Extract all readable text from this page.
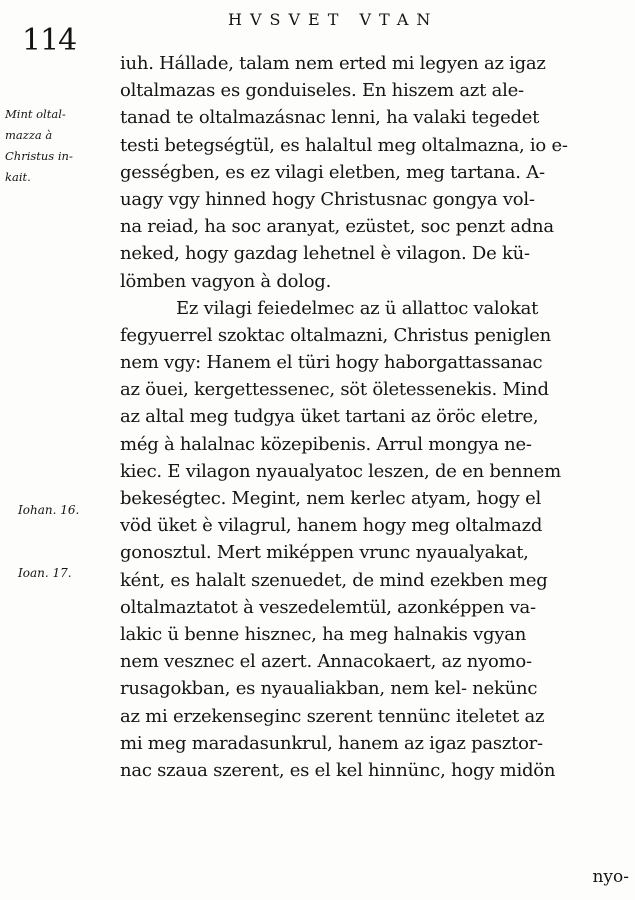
114
HVSVET VTAN
Mint oltal-
mazza à
Christus in-
kait.
Iohan. 16.
Ioan. 17.
iuh. Hállade, talam nem erted mi legyen az igaz
oltalmazas es gonduiseles. En hiszem azt ale-
tanad te oltalmazásnac lenni, ha valaki tegedet
testi betegségtül, es halaltul meg oltalmazna, io e-
gességben, es ez vilagi eletben, meg tartana. A-
uagy vgy hinned hogy Christusnac gongya vol-
na reiad, ha soc aranyat, ezüstet, soc penzt adna
neked, hogy gazdag lehetnel è vilagon. De kü-
lömben vagyon à dolog.
Ez vilagi feiedelmec az ü allattoc valokat
fegyuerrel szoktac oltalmazni, Christus peniglen
nem vgy: Hanem el türi hogy haborgattassanac
az öuei, kergettessenec, söt öletessenekis. Mind
az altal meg tudgya üket tartani az öröc eletre,
még à halalnac közepibenis. Arrul mongya ne-
kiec. E vilagon nyaualyatoc leszen, de en bennem
bekeségtec. Megint, nem kerlec atyam, hogy el
vöd üket è vilagrul, hanem hogy meg oltalmazd
gonosztul. Mert miképpen vrunc nyaualyakat,
ként, es halalt szenuedet, de mind ezekben meg
oltalmaztatot à veszedelemtül, azonképpen va-
lakic ü benne hisznec, ha meg halnakis vgyan
nem vesznec el azert. Annacokaert, az nyomo-
rusagokban, es nyaualiakban, nem kel- nekünc
az mi erzekenseginc szerent tennünc iteletet az
mi meg maradasunkrul, hanem az igaz pasztor-
nac szaua szerent, es el kel hinnünc, hogy midön
nyo-
